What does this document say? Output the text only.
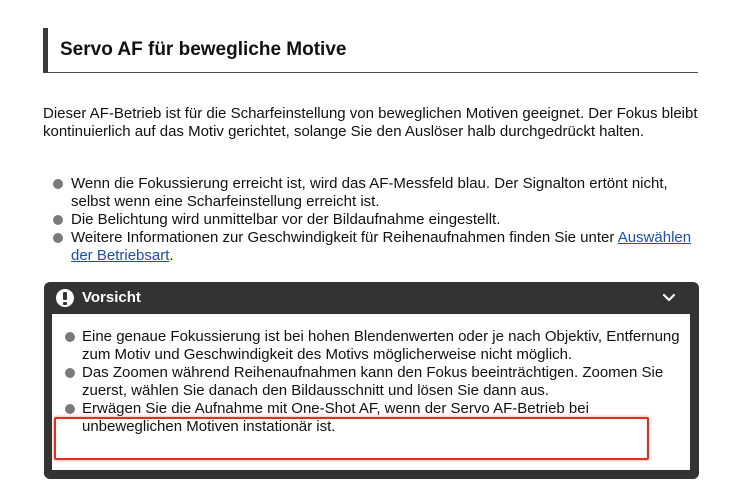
Servo AF für bewegliche Motive

Dieser AF-Betrieb ist für die Scharfeinstellung von beweglichen Motiven geeignet. Der Fokus bleibt kontinuierlich auf das Motiv gerichtet, solange Sie den Auslöser halb durchgedrückt halten.

Wenn die Fokussierung erreicht ist, wird das AF-Messfeld blau. Der Signalton ertönt nicht, selbst wenn eine Scharfeinstellung erreicht ist.
Die Belichtung wird unmittelbar vor der Bildaufnahme eingestellt.
Weitere Informationen zur Geschwindigkeit für Reihenaufnahmen finden Sie unter Auswählen der Betriebsart.
Vorsicht
Eine genaue Fokussierung ist bei hohen Blendenwerten oder je nach Objektiv, Entfernung zum Motiv und Geschwindigkeit des Motivs möglicherweise nicht möglich.
Das Zoomen während Reihenaufnahmen kann den Fokus beeinträchtigen. Zoomen Sie zuerst, wählen Sie danach den Bildausschnitt und lösen Sie dann aus.
Erwägen Sie die Aufnahme mit One-Shot AF, wenn der Servo AF-Betrieb bei unbeweglichen Motiven instationär ist.
